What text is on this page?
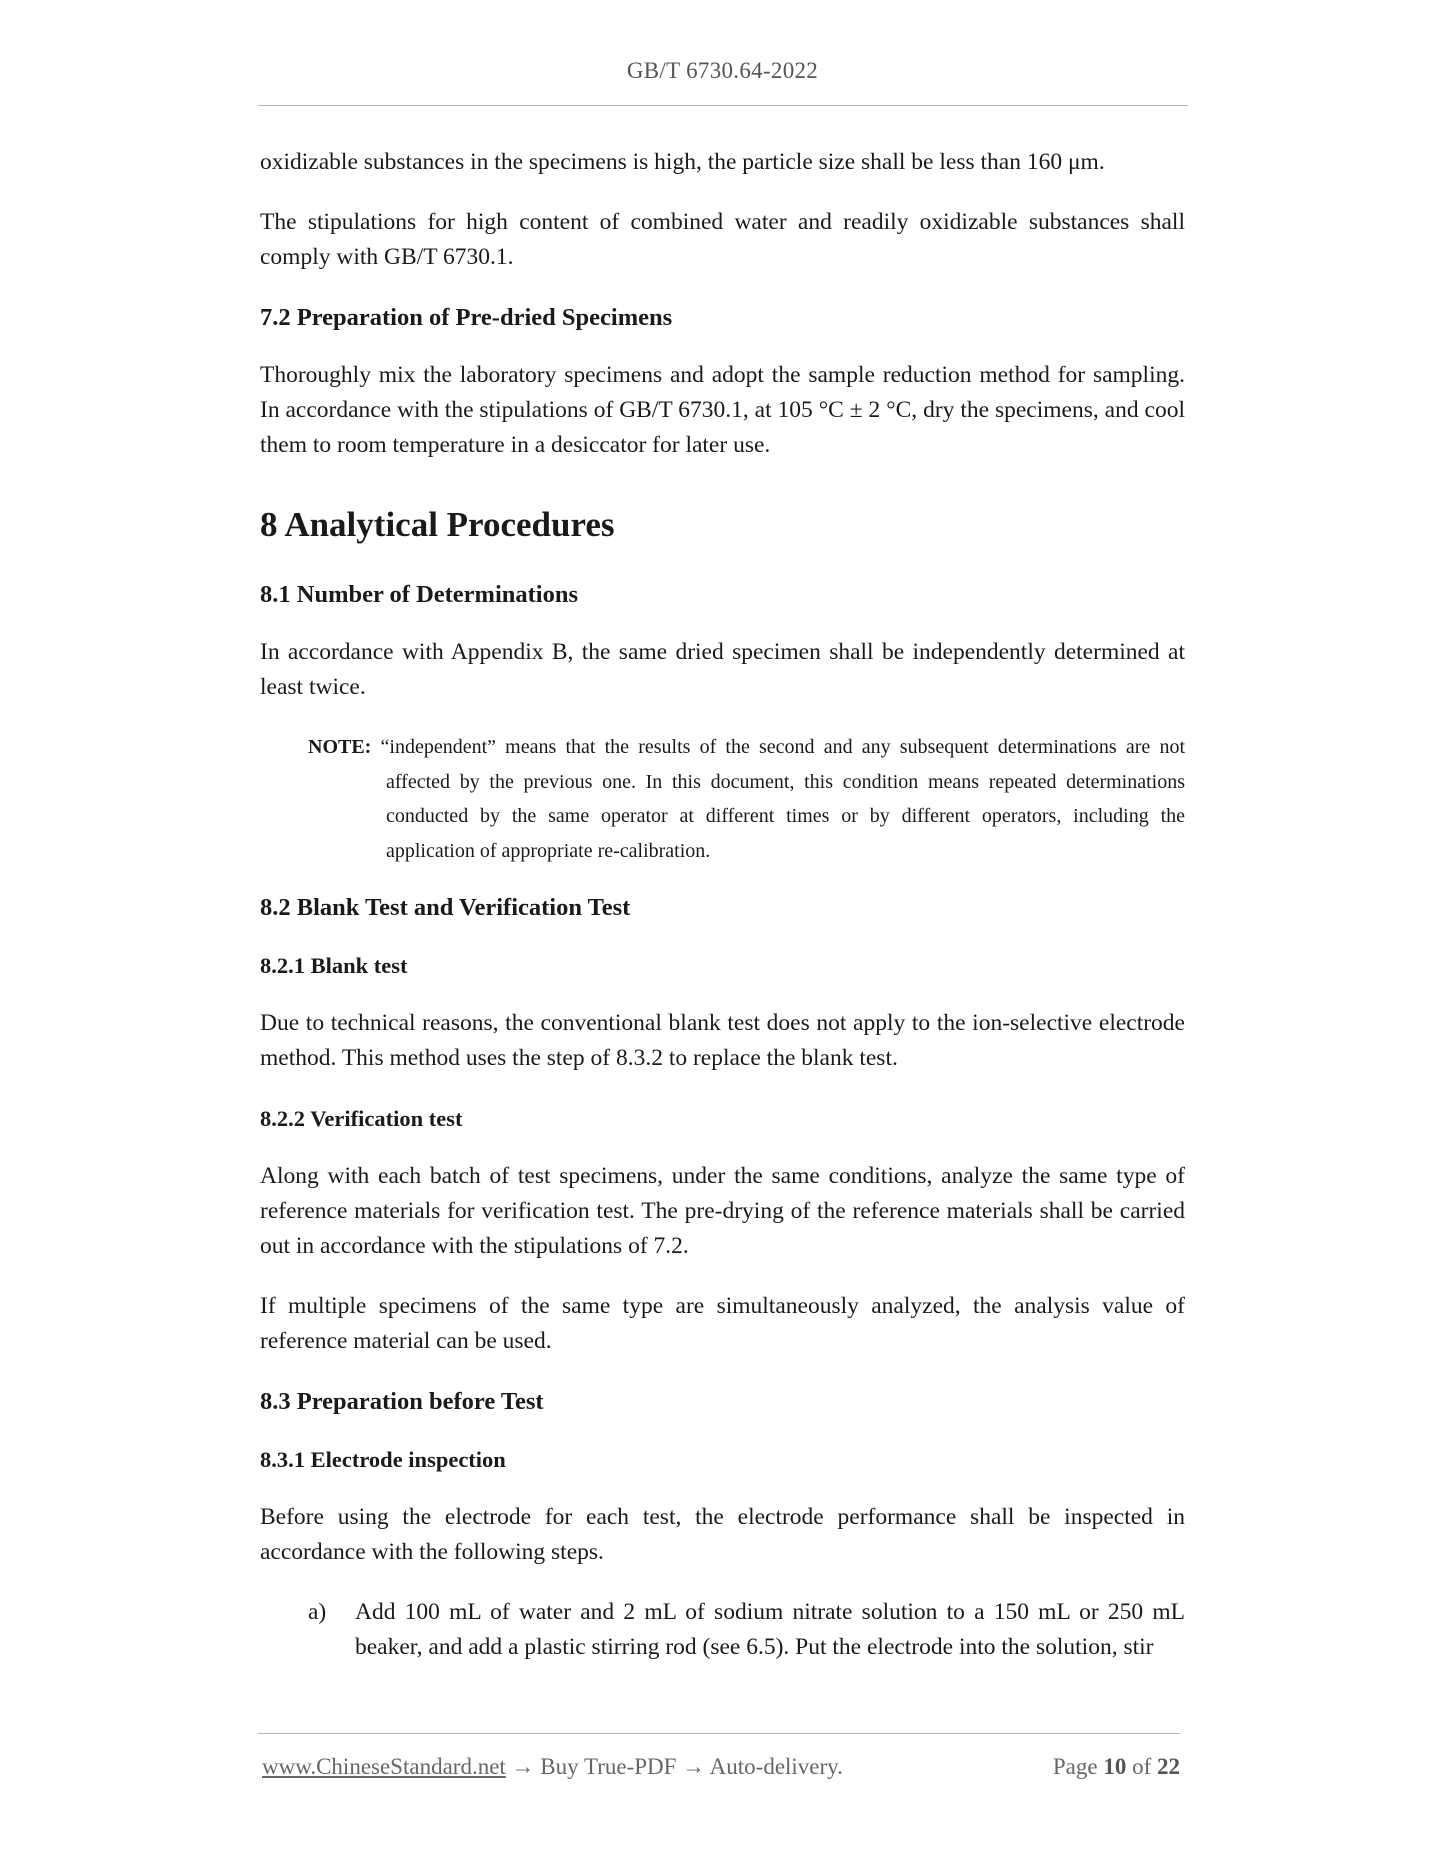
GB/T 6730.64-2022

oxidizable substances in the specimens is high, the particle size shall be less than 160 μm.

The stipulations for high content of combined water and readily oxidizable substances shall comply with GB/T 6730.1.

7.2 Preparation of Pre-dried Specimens

Thoroughly mix the laboratory specimens and adopt the sample reduction method for sampling. In accordance with the stipulations of GB/T 6730.1, at 105 °C ± 2 °C, dry the specimens, and cool them to room temperature in a desiccator for later use.

8 Analytical Procedures
8.1 Number of Determinations

In accordance with Appendix B, the same dried specimen shall be independently determined at least twice.

NOTE: “independent” means that the results of the second and any subsequent determinations are not affected by the previous one. In this document, this condition means repeated determinations conducted by the same operator at different times or by different operators, including the application of appropriate re-calibration.
8.2 Blank Test and Verification Test
8.2.1 Blank test

Due to technical reasons, the conventional blank test does not apply to the ion-selective electrode method. This method uses the step of 8.3.2 to replace the blank test.

8.2.2 Verification test

Along with each batch of test specimens, under the same conditions, analyze the same type of reference materials for verification test. The pre-drying of the reference materials shall be carried out in accordance with the stipulations of 7.2.

If multiple specimens of the same type are simultaneously analyzed, the analysis value of reference material can be used.

8.3 Preparation before Test
8.3.1 Electrode inspection

Before using the electrode for each test, the electrode performance shall be inspected in accordance with the following steps.

a)	Add 100 mL of water and 2 mL of sodium nitrate solution to a 150 mL or 250 mL beaker, and add a plastic stirring rod (see 6.5). Put the electrode into the solution, stir
www.ChineseStandard.net → Buy True-PDF → Auto-delivery.	Page 10 of 22
